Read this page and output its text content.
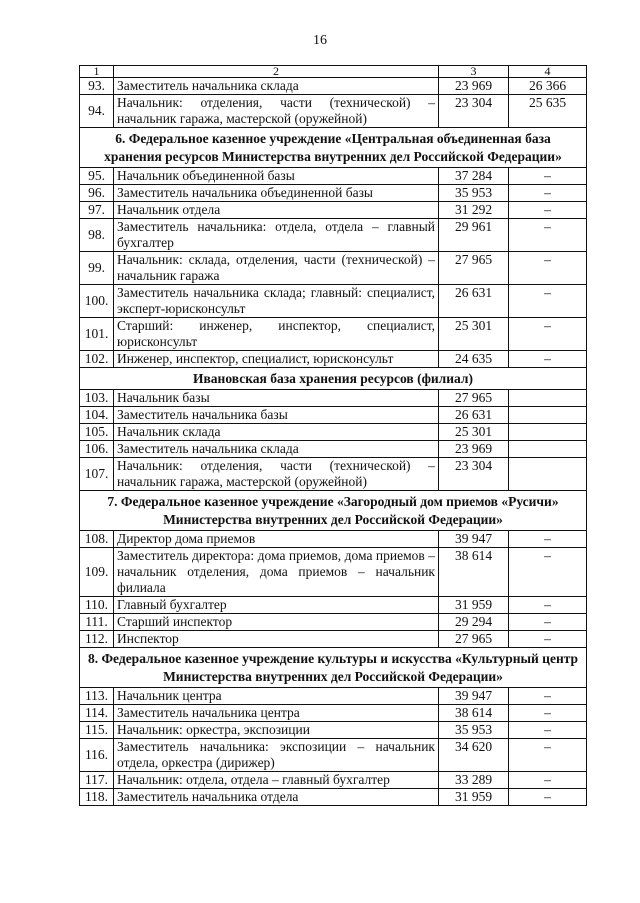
16
1	2	3	4
93.	Заместитель начальника склада	23 969	26 366
94.	Начальник: отделения, части (технической) – начальник гаража, мастерской (оружейной)	23 304	25 635
6. Федеральное казенное учреждение «Центральная объединенная база хранения ресурсов Министерства внутренних дел Российской Федерации»			
95.	Начальник объединенной базы	37 284	–
96.	Заместитель начальника объединенной базы	35 953	–
97.	Начальник отдела	31 292	–
98.	Заместитель начальника: отдела, отдела – главный бухгалтер	29 961	–
99.	Начальник: склада, отделения, части (технической) – начальник гаража	27 965	–
100.	Заместитель начальника склада; главный: специалист, эксперт-юрисконсульт	26 631	–
101.	Старший: инженер, инспектор, специалист, юрисконсульт	25 301	–
102.	Инженер, инспектор, специалист, юрисконсульт	24 635	–
Ивановская база хранения ресурсов (филиал)			
103.	Начальник базы	27 965	
104.	Заместитель начальника базы	26 631	
105.	Начальник склада	25 301	
106.	Заместитель начальника склада	23 969	
107.	Начальник: отделения, части (технической) – начальник гаража, мастерской (оружейной)	23 304	
7. Федеральное казенное учреждение «Загородный дом приемов «Русичи» Министерства внутренних дел Российской Федерации»			
108.	Директор дома приемов	39 947	–
109.	Заместитель директора: дома приемов, дома приемов – начальник отделения, дома приемов – начальник филиала	38 614	–
110.	Главный бухгалтер	31 959	–
111.	Старший инспектор	29 294	–
112.	Инспектор	27 965	–
8. Федеральное казенное учреждение культуры и искусства «Культурный центр Министерства внутренних дел Российской Федерации»			
113.	Начальник центра	39 947	–
114.	Заместитель начальника центра	38 614	–
115.	Начальник: оркестра, экспозиции	35 953	–
116.	Заместитель начальника: экспозиции – начальник отдела, оркестра (дирижер)	34 620	–
117.	Начальник: отдела, отдела – главный бухгалтер	33 289	–
118.	Заместитель начальника отдела	31 959	–
